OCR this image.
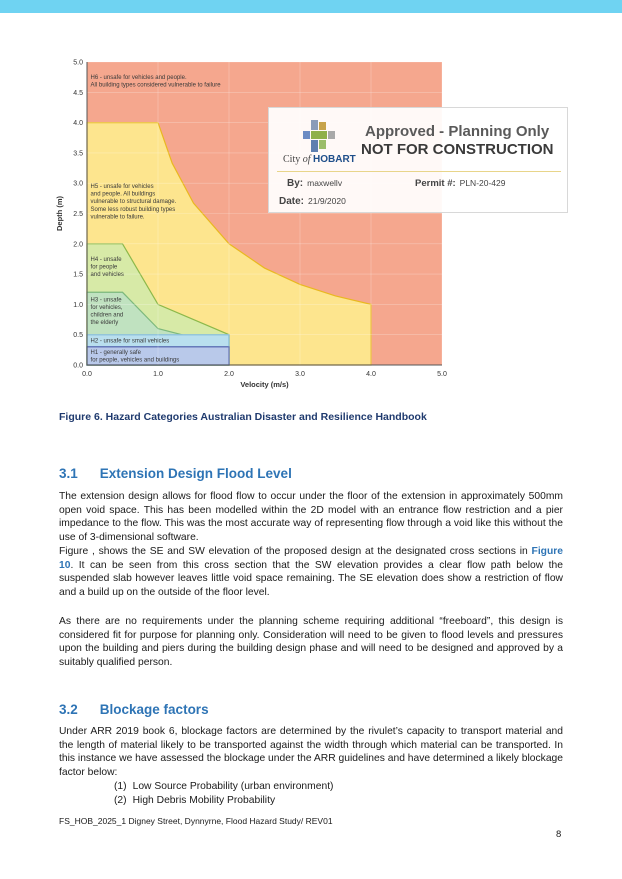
0.0	1.0	2.0	3.0	4.0	5.0
0.0
0.5
1.0
1.5
2.0
2.5
3.0
3.5
4.0
4.5
5.0
Velocity (m/s)
Depth (m)
H6 - unsafe for vehicles and people.
All building types considered vulnerable to failure
H5 - unsafe for vehicles
and people. All buildings
vulnerable to structural damage.
Some less robust building types
vulnerable to failure.
H4 - unsafe
for people
and vehicles
H3 - unsafe
for vehicles,
children and
the elderly
H2 - unsafe for small vehicles
H1 - generally safe
for people, vehicles and buildings
City of HOBART
Approved - Planning Only
NOT FOR CONSTRUCTION
By: maxwellv	Permit #: PLN-20-429
Date: 21/9/2020
Figure 6. Hazard Categories Australian Disaster and Resilience Handbook
3.1 Extension Design Flood Level
The extension design allows for flood flow to occur under the floor of the extension in approximately 500mm open void space. This has been modelled within the 2D model with an entrance flow restriction and a pier impedance to the flow. This was the most accurate way of representing flow through a void like this without the use of 3-dimensional software.
Figure , shows the SE and SW elevation of the proposed design at the designated cross sections in Figure 10. It can be seen from this cross section that the SW elevation provides a clear flow path below the suspended slab however leaves little void space remaining. The SE elevation does show a restriction of flow and a build up on the outside of the floor level.
As there are no requirements under the planning scheme requiring additional “freeboard”, this design is considered fit for purpose for planning only. Consideration will need to be given to flood levels and pressures upon the building and piers during the building design phase and will need to be designed and approved by a suitably qualified person.
3.2 Blockage factors
Under ARR 2019 book 6, blockage factors are determined by the rivulet’s capacity to transport material and the length of material likely to be transported against the width through which material can be transported. In this instance we have assessed the blockage under the ARR guidelines and have determined a likely blockage factor below:
(1) Low Source Probability (urban environment)
(2) High Debris Mobility Probability
FS_HOB_2025_1 Digney Street, Dynnyrne, Flood Hazard Study/ REV01
8
